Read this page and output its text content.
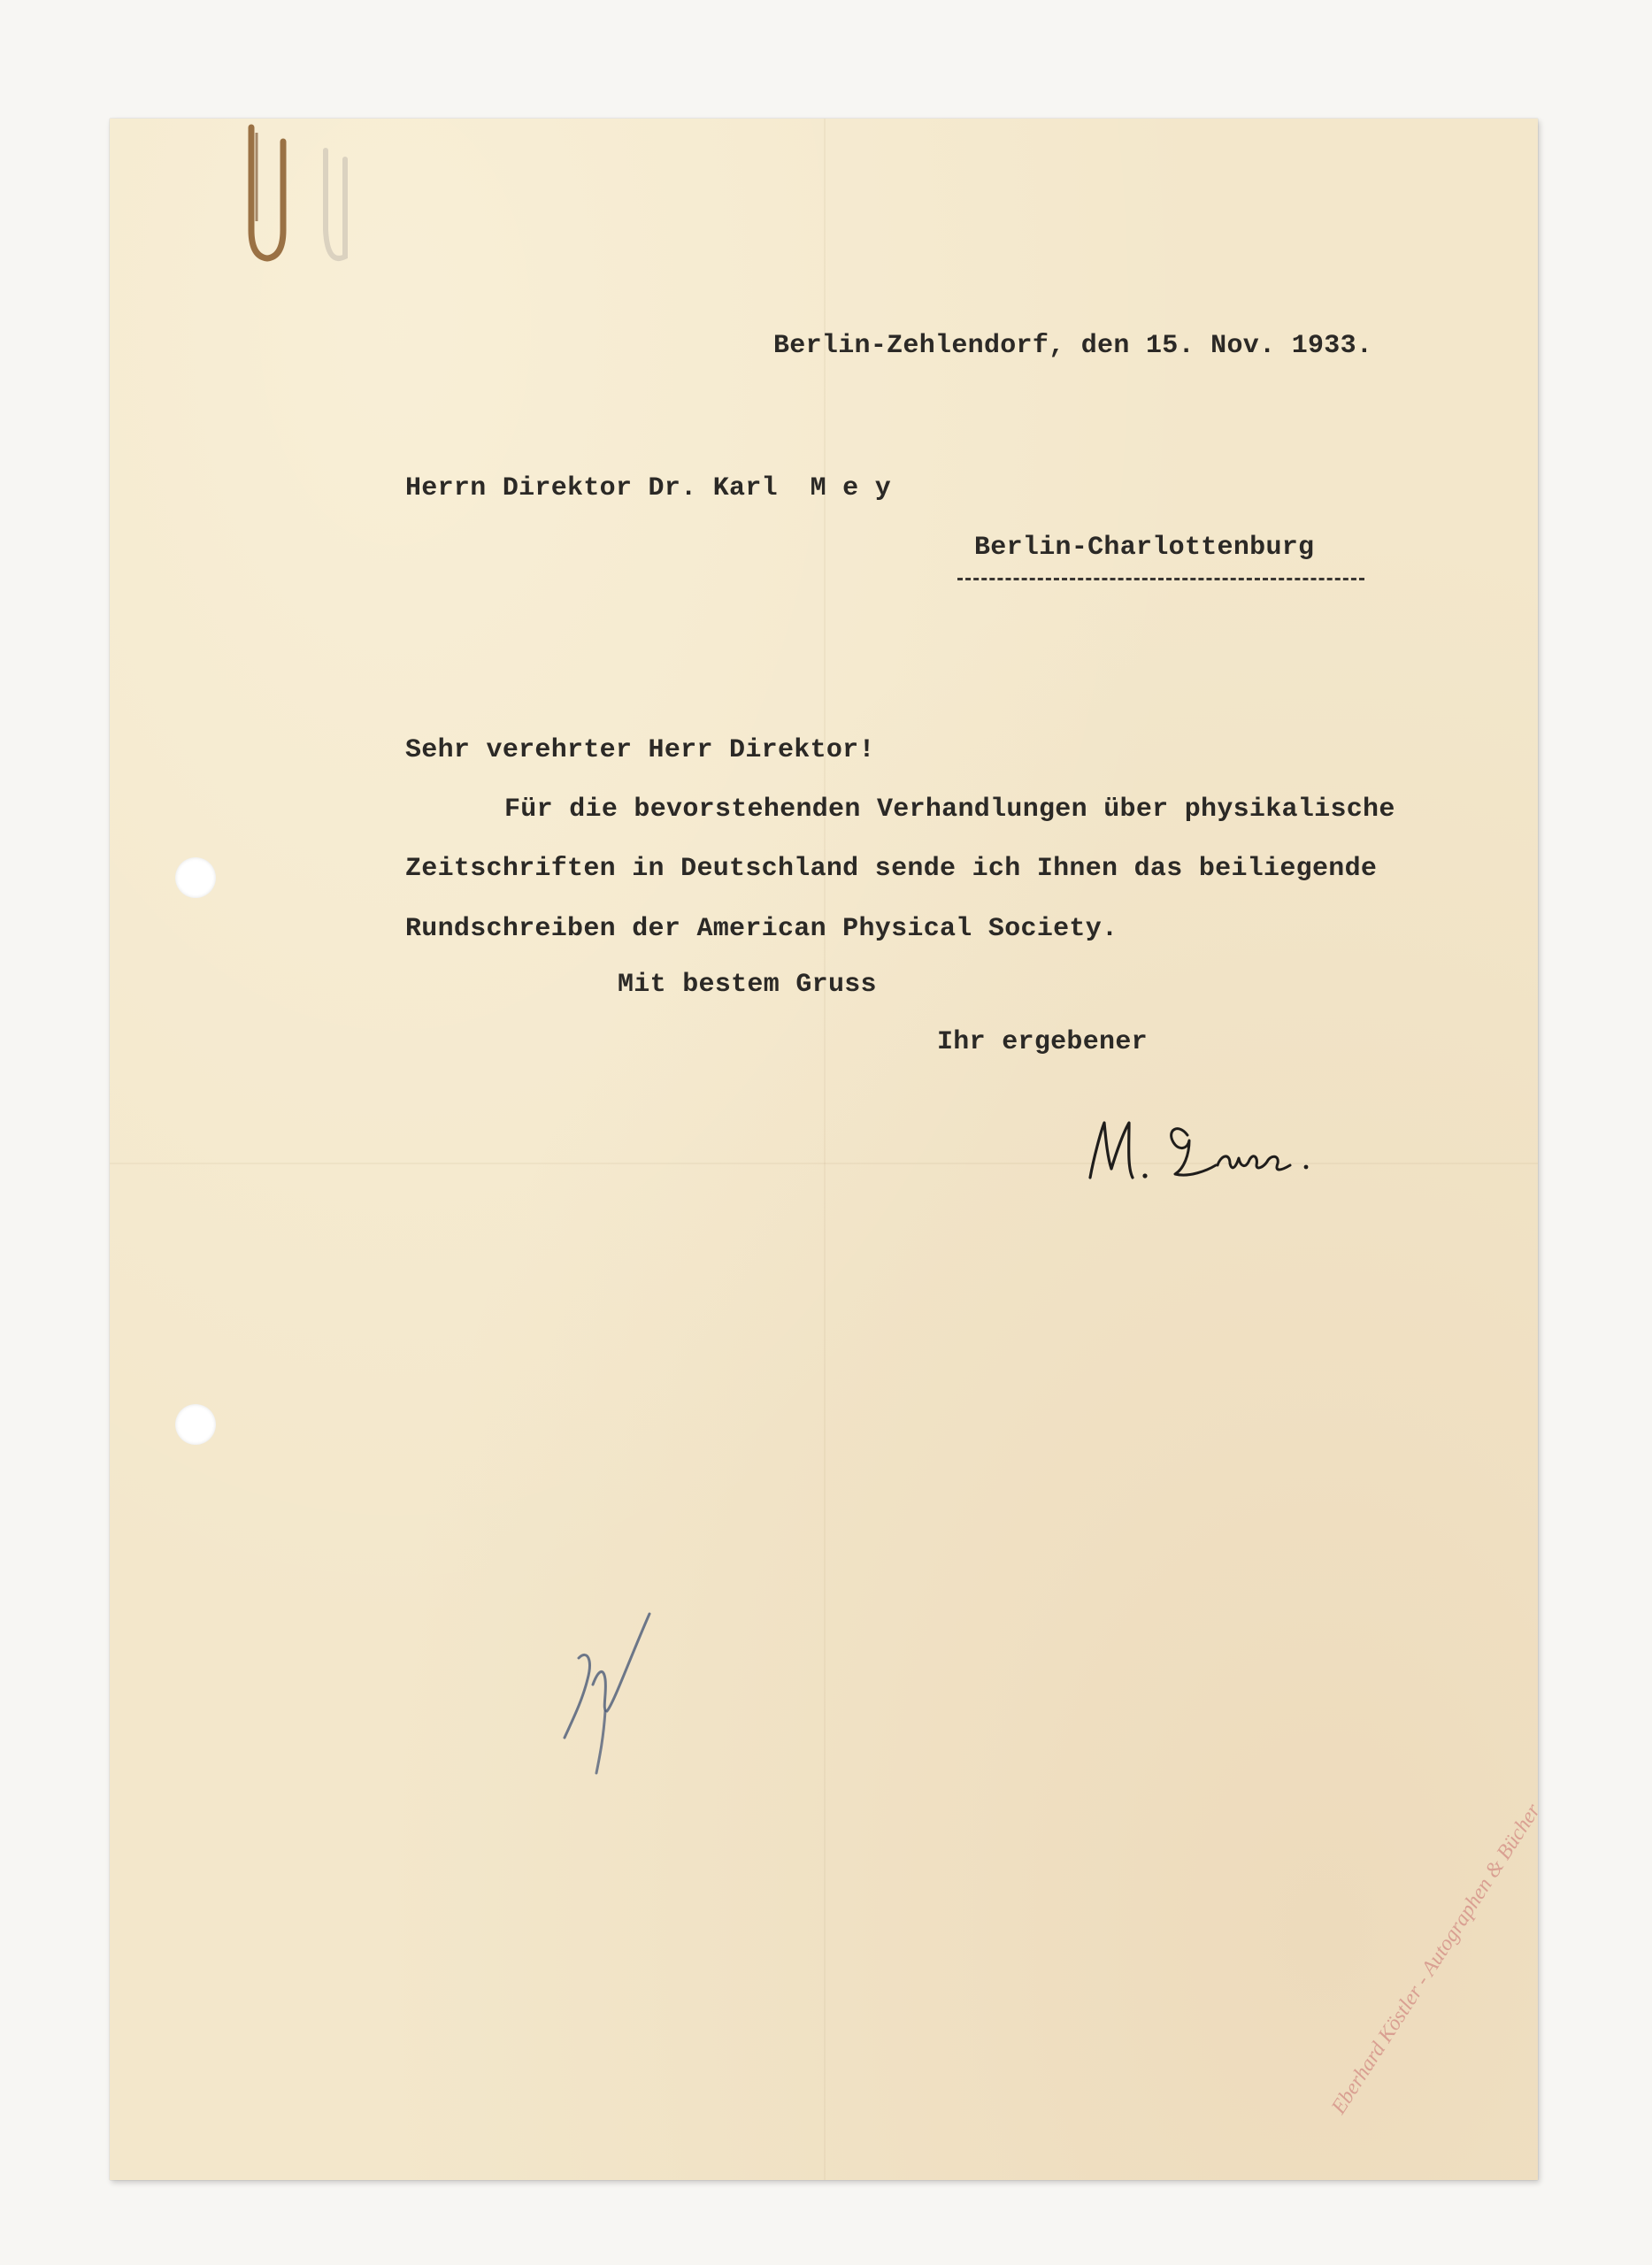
Berlin-Zehlendorf, den 15. Nov. 1933.
Herrn Direktor Dr. Karl  M e y
Berlin-Charlottenburg
Sehr verehrter Herr Direktor!
Für die bevorstehenden Verhandlungen über physikalische
Zeitschriften in Deutschland sende ich Ihnen das beiliegende
Rundschreiben der American Physical Society.
Mit bestem Gruss
Ihr ergebener
Eberhard Köstler - Autographen & Bücher
